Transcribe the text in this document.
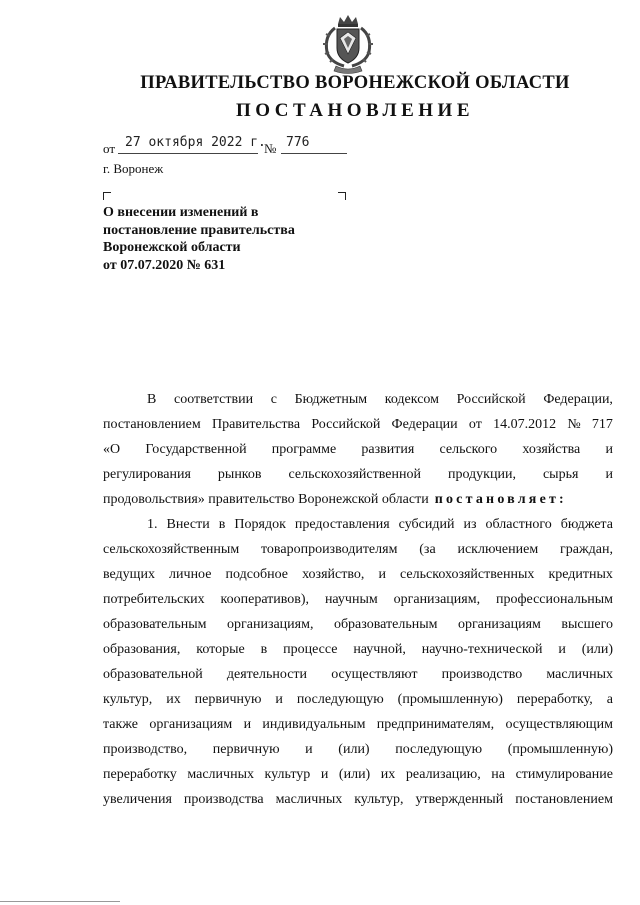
ПРАВИТЕЛЬСТВО ВОРОНЕЖСКОЙ ОБЛАСТИ
ПОСТАНОВЛЕНИЕ
от 27 октября 2022 г.
№ 776
г. Воронеж
О внесении изменений в
постановление правительства
Воронежской области
от 07.07.2020 № 631
В соответствии с Бюджетным кодексом Российской Федерации,
постановлением Правительства Российской Федерации от 14.07.2012 № 717
«О Государственной программе развития сельского хозяйства и
регулирования рынков сельскохозяйственной продукции, сырья и
продовольствия» правительство Воронежской области постановляет:
1. Внести в Порядок предоставления субсидий из областного бюджета
сельскохозяйственным товаропроизводителям (за исключением граждан,
ведущих личное подсобное хозяйство, и сельскохозяйственных кредитных
потребительских кооперативов), научным организациям, профессиональным
образовательным организациям, образовательным организациям высшего
образования, которые в процессе научной, научно-технической и (или)
образовательной деятельности осуществляют производство масличных
культур, их первичную и последующую (промышленную) переработку, а
также организациям и индивидуальным предпринимателям, осуществляющим
производство, первичную и (или) последующую (промышленную)
переработку масличных культур и (или) их реализацию, на стимулирование
увеличения производства масличных культур, утвержденный постановлением
